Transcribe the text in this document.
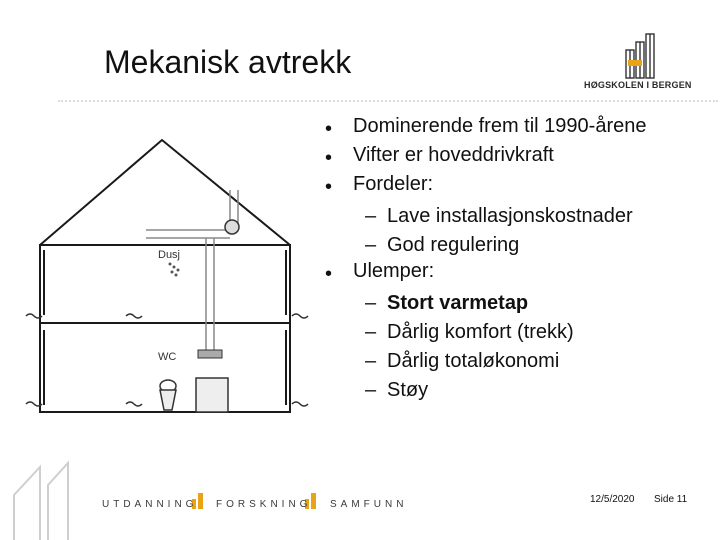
Mekanisk avtrekk
HØGSKOLEN I BERGEN
Dusj
WC
•	Dominerende frem til 1990-årene
•	Vifter er hoveddrivkraft
•	Fordeler:
– Lave installasjonskostnader
– God regulering
•	Ulemper:
– Stort varmetap
– Dårlig komfort (trekk)
– Dårlig totaløkonomi
– Støy
UTDANNING FORSKNING SAMFUNN	12/5/2020 Side 11
